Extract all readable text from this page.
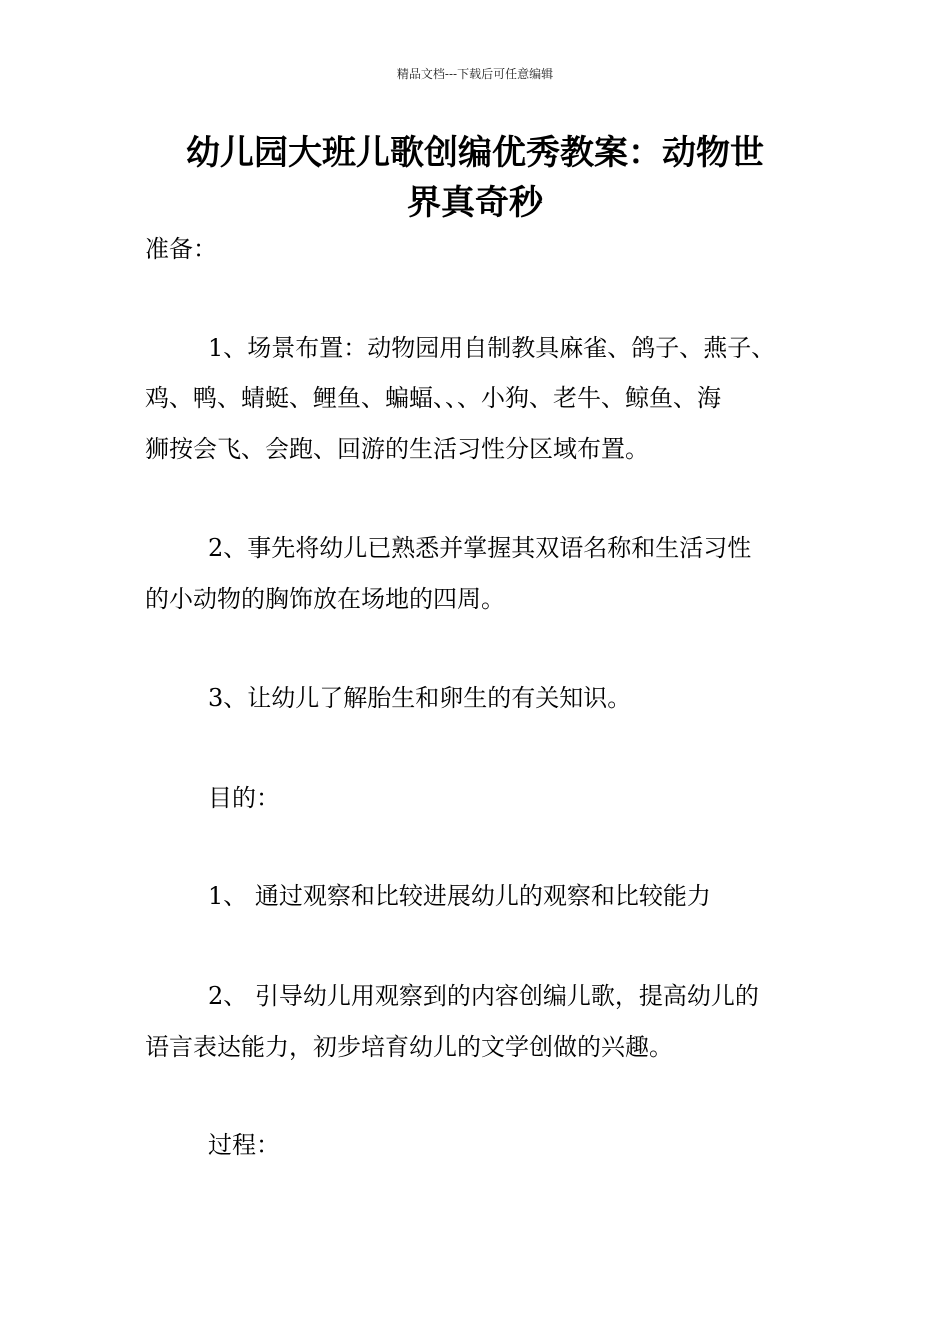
精品文档---下载后可任意编辑
幼儿园大班儿歌创编优秀教案：动物世
界真奇秒
准备：
1、场景布置：动物园用自制教具麻雀、鸽子、燕子、
鸡、鸭、蜻蜓、鲤鱼、蝙蝠、、、小狗、老牛、鲸鱼、海
狮按会飞、会跑、回游的生活习性分区域布置。
2、事先将幼儿已熟悉并掌握其双语名称和生活习性
的小动物的胸饰放在场地的四周。
3、让幼儿了解胎生和卵生的有关知识。
目的：
1、 通过观察和比较进展幼儿的观察和比较能力
2、 引导幼儿用观察到的内容创编儿歌，提高幼儿的
语言表达能力，初步培育幼儿的文学创做的兴趣。
过程：
